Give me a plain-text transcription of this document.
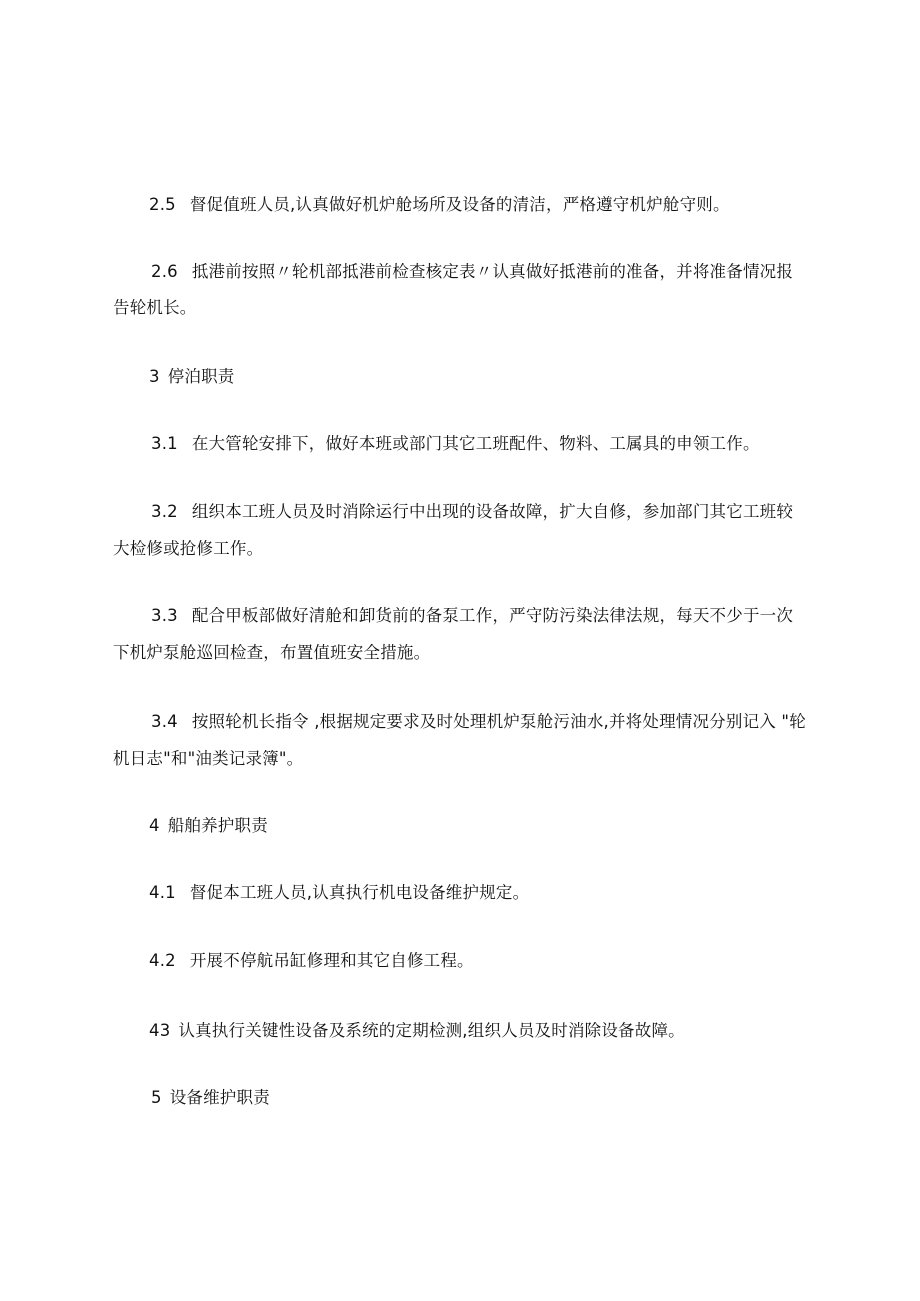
2.5 督促值班人员,认真做好机炉舱场所及设备的清洁，严格遵守机炉舱守则。
2.6 抵港前按照〃轮机部抵港前检查核定表〃认真做好抵港前的准备，并将准备情况报
告轮机长。
3 停泊职责
3.1 在大管轮安排下，做好本班或部门其它工班配件、物料、工属具的申领工作。
3.2 组织本工班人员及时消除运行中出现的设备故障，扩大自修，参加部门其它工班较
大检修或抢修工作。
3.3 配合甲板部做好清舱和卸货前的备泵工作，严守防污染法律法规，每天不少于一次
下机炉泵舱巡回检查，布置值班安全措施。
3.4 按照轮机长指令 ,根据规定要求及时处理机炉泵舱污油水,并将处理情况分别记入 "轮
机日志"和"油类记录簿"。
4 船舶养护职责
4.1 督促本工班人员,认真执行机电设备维护规定。
4.2 开展不停航吊缸修理和其它自修工程。
43 认真执行关键性设备及系统的定期检测,组织人员及时消除设备故障。
5 设备维护职责
